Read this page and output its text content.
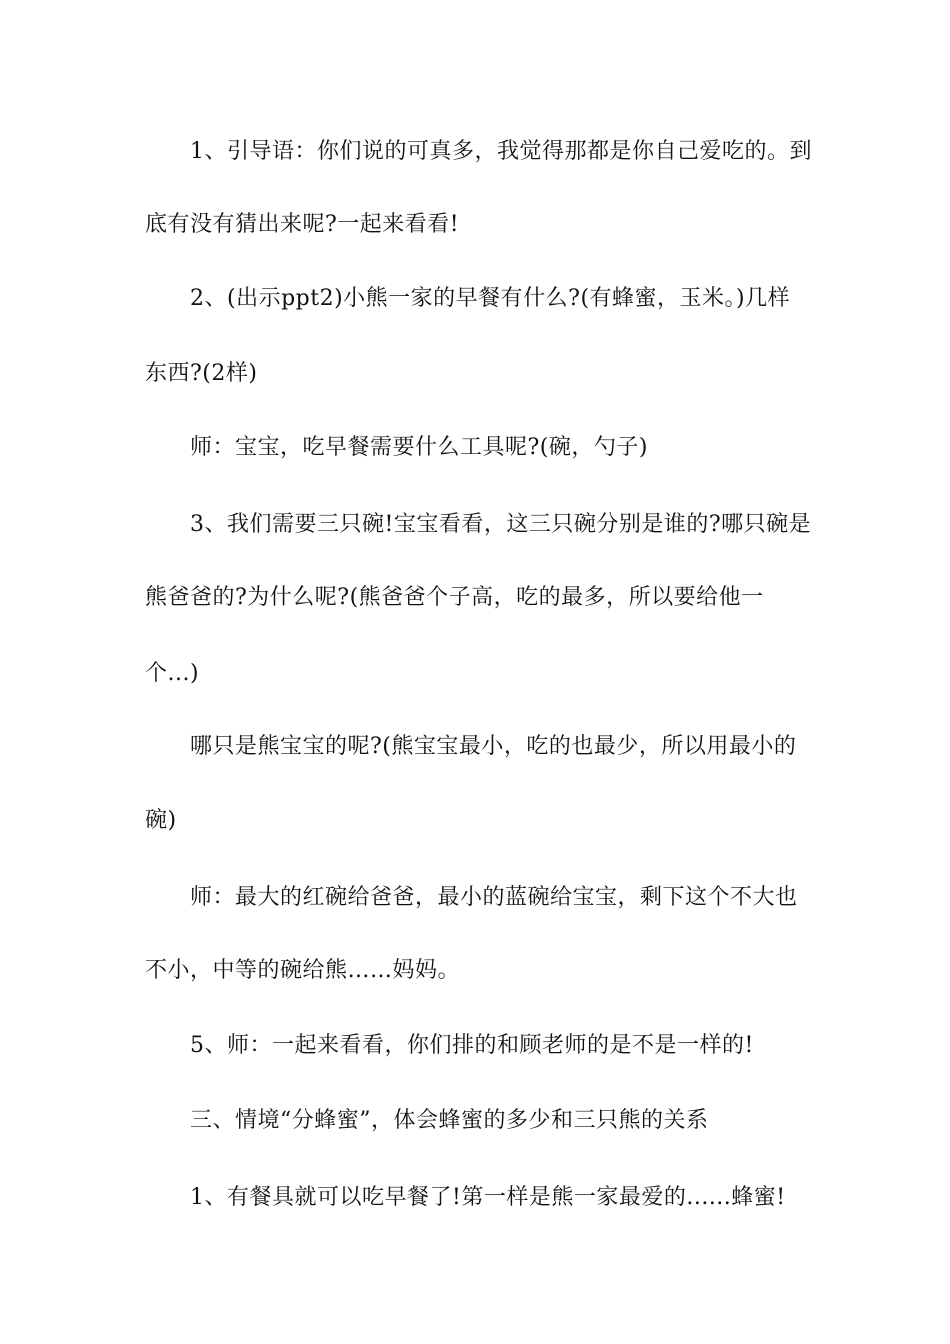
1、引导语：你们说的可真多，我觉得那都是你自己爱吃的。到
底有没有猜出来呢?一起来看看!
2、(出示ppt2)小熊一家的早餐有什么?(有蜂蜜，玉米。)几样
东西?(2样)
师：宝宝，吃早餐需要什么工具呢?(碗，勺子)
3、我们需要三只碗!宝宝看看，这三只碗分别是谁的?哪只碗是
熊爸爸的?为什么呢?(熊爸爸个子高，吃的最多，所以要给他一
个...)
哪只是熊宝宝的呢?(熊宝宝最小，吃的也最少，所以用最小的
碗)
师：最大的红碗给爸爸，最小的蓝碗给宝宝，剩下这个不大也
不小，中等的碗给熊……妈妈。
5、师：一起来看看，你们排的和顾老师的是不是一样的!
三、情境“分蜂蜜”，体会蜂蜜的多少和三只熊的关系
1、有餐具就可以吃早餐了!第一样是熊一家最爱的......蜂蜜!
